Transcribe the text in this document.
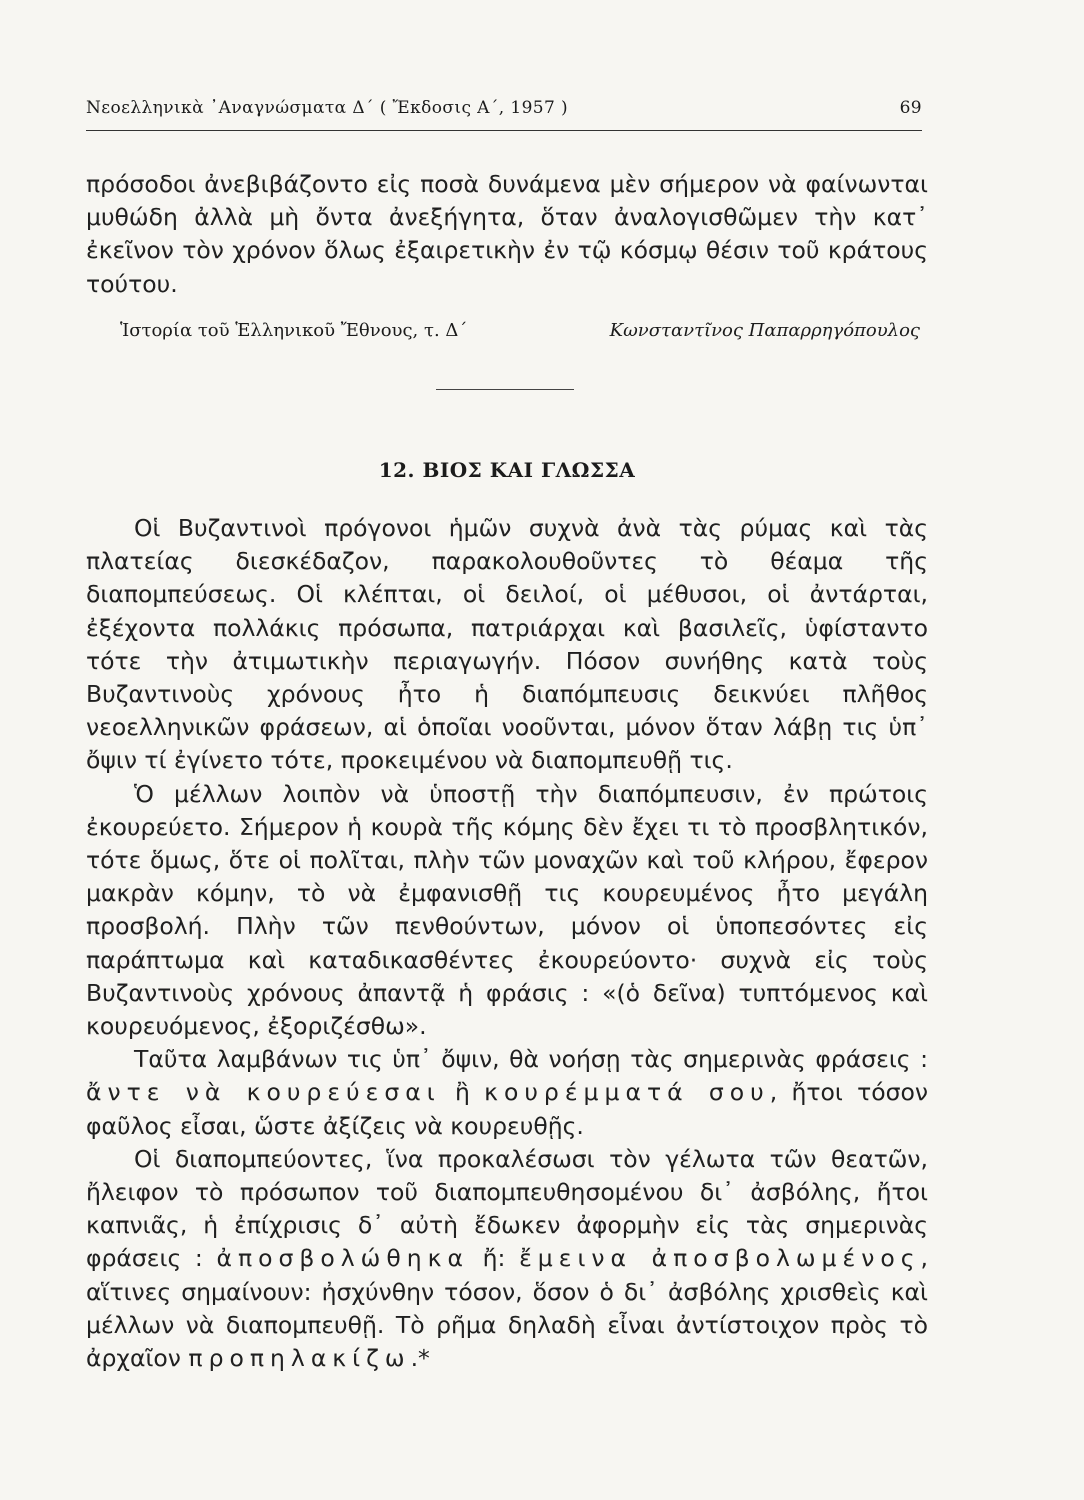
Νεοελληνικὰ ᾿Αναγνώσματα Δ΄ ( Ἔκδοσις Α΄, 1957 )	69

πρόσοδοι ἀνεβιβάζοντο εἰς ποσὰ δυνάμενα μὲν σήμερον νὰ φαίνωνται μυθώδη ἀλλὰ μὴ ὄντα ἀνεξήγητα, ὅταν ἀναλογισθῶμεν τὴν κατ᾿ ἐκεῖνον τὸν χρόνον ὅλως ἐξαιρετικὴν ἐν τῷ κόσμῳ θέσιν τοῦ κράτους τούτου.

Ἱστορία τοῦ Ἑλληνικοῦ Ἔθνους, τ. Δ΄	Κωνσταντῖνος Παπαρρηγόπουλος
12. ΒΙΟΣ ΚΑΙ ΓΛΩΣΣΑ

Οἱ Βυζαντινοὶ πρόγονοι ἡμῶν συχνὰ ἀνὰ τὰς ρύμας καὶ τὰς πλατείας διεσκέδαζον, παρακολουθοῦντες τὸ θέαμα τῆς διαπομπεύσεως. Οἱ κλέπται, οἱ δειλοί, οἱ μέθυσοι, οἱ ἀντάρται, ἐξέχοντα πολλάκις πρόσωπα, πατριάρχαι καὶ βασιλεῖς, ὑφίσταντο τότε τὴν ἀτιμωτικὴν περιαγωγήν. Πόσον συνήθης κατὰ τοὺς Βυζαντινοὺς χρόνους ἦτο ἡ διαπόμπευσις δεικνύει πλῆθος νεοελληνικῶν φράσεων, αἱ ὁποῖαι νοοῦνται, μόνον ὅταν λάβῃ τις ὑπ᾿ ὄψιν τί ἐγίνετο τότε, προκειμένου νὰ διαπομπευθῇ τις.

Ὁ μέλλων λοιπὸν νὰ ὑποστῇ τὴν διαπόμπευσιν, ἐν πρώτοις ἐκουρεύετο. Σήμερον ἡ κουρὰ τῆς κόμης δὲν ἔχει τι τὸ προσβλητικόν, τότε ὅμως, ὅτε οἱ πολῖται, πλὴν τῶν μοναχῶν καὶ τοῦ κλήρου, ἔφερον μακρὰν κόμην, τὸ νὰ ἐμφανισθῇ τις κουρευμένος ἦτο μεγάλη προσβολή. Πλὴν τῶν πενθούντων, μόνον οἱ ὑποπεσόντες εἰς παράπτωμα καὶ καταδικασθέντες ἐκουρεύοντο· συχνὰ εἰς τοὺς Βυζαντινοὺς χρόνους ἀπαντᾷ ἡ φράσις : «(ὁ δεῖνα) τυπτόμενος καὶ κουρευόμενος, ἐξοριζέσθω».

Ταῦτα λαμβάνων τις ὑπ᾿ ὄψιν, θὰ νοήσῃ τὰς σημερινὰς φράσεις : ἄντε νὰ κουρεύεσαι ἢ κουρέμματά σου, ἤτοι τόσον φαῦλος εἶσαι, ὥστε ἀξίζεις νὰ κουρευθῇς.

Οἱ διαπομπεύοντες, ἵνα προκαλέσωσι τὸν γέλωτα τῶν θεατῶν, ἤλειφον τὸ πρόσωπον τοῦ διαπομπευθησομένου δι᾿ ἀσβόλης, ἤτοι καπνιᾶς, ἡ ἐπίχρισις δ᾿ αὐτὴ ἔδωκεν ἀφορμὴν εἰς τὰς σημερινὰς φράσεις : ἀποσβολώθηκα ἤ: ἔμεινα ἀποσβολωμένος, αἵτινες σημαίνουν: ἠσχύνθην τόσον, ὅσον ὁ δι᾿ ἀσβόλης χρισθεὶς καὶ μέλλων νὰ διαπομπευθῇ. Τὸ ρῆμα δηλαδὴ εἶναι ἀντίστοιχον πρὸς τὸ ἀρχαῖον προπηλακίζω.*
